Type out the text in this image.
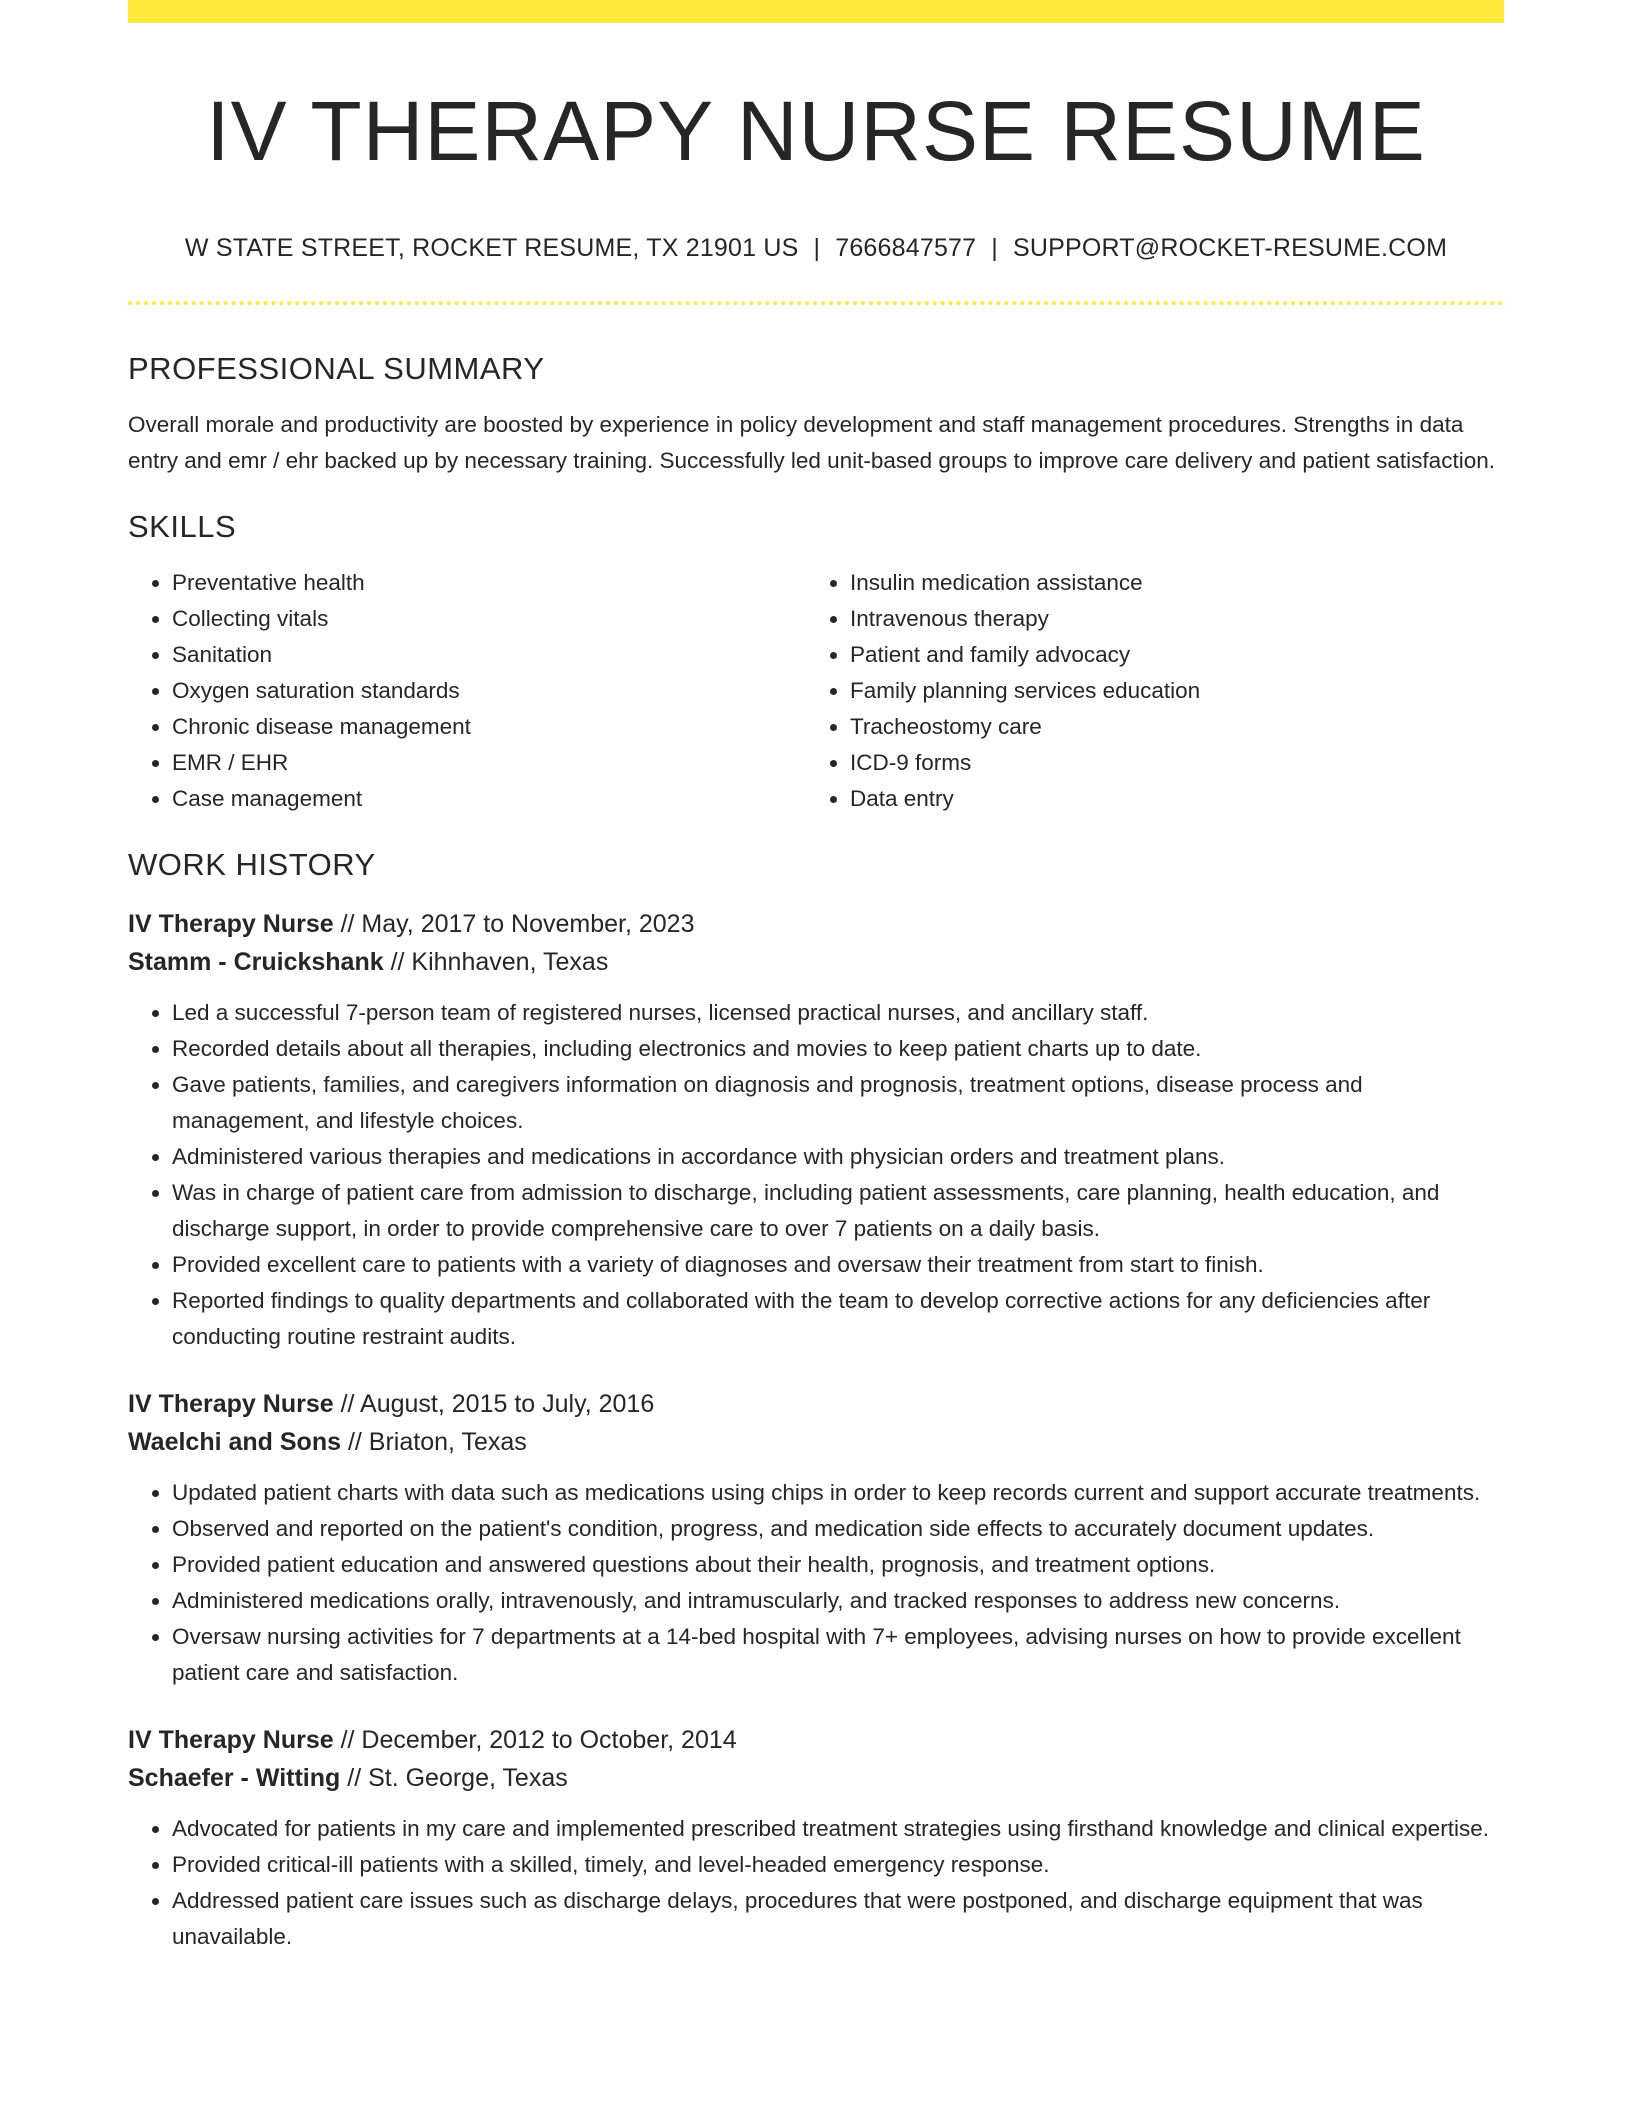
IV THERAPY NURSE RESUME
W STATE STREET, ROCKET RESUME, TX 21901 US | 7666847577 | SUPPORT@ROCKET-RESUME.COM
PROFESSIONAL SUMMARY

Overall morale and productivity are boosted by experience in policy development and staff management procedures. Strengths in data entry and emr / ehr backed up by necessary training. Successfully led unit-based groups to improve care delivery and patient satisfaction.

SKILLS
• Preventative health
• Collecting vitals
• Sanitation
• Oxygen saturation standards
• Chronic disease management
• EMR / EHR
• Case management
• Insulin medication assistance
• Intravenous therapy
• Patient and family advocacy
• Family planning services education
• Tracheostomy care
• ICD-9 forms
• Data entry
WORK HISTORY
IV Therapy Nurse // May, 2017 to November, 2023
Stamm - Cruickshank // Kihnhaven, Texas
• Led a successful 7-person team of registered nurses, licensed practical nurses, and ancillary staff.
• Recorded details about all therapies, including electronics and movies to keep patient charts up to date.
• Gave patients, families, and caregivers information on diagnosis and prognosis, treatment options, disease process and management, and lifestyle choices.
• Administered various therapies and medications in accordance with physician orders and treatment plans.
• Was in charge of patient care from admission to discharge, including patient assessments, care planning, health education, and discharge support, in order to provide comprehensive care to over 7 patients on a daily basis.
• Provided excellent care to patients with a variety of diagnoses and oversaw their treatment from start to finish.
• Reported findings to quality departments and collaborated with the team to develop corrective actions for any deficiencies after conducting routine restraint audits.
IV Therapy Nurse // August, 2015 to July, 2016
Waelchi and Sons // Briaton, Texas
• Updated patient charts with data such as medications using chips in order to keep records current and support accurate treatments.
• Observed and reported on the patient's condition, progress, and medication side effects to accurately document updates.
• Provided patient education and answered questions about their health, prognosis, and treatment options.
• Administered medications orally, intravenously, and intramuscularly, and tracked responses to address new concerns.
• Oversaw nursing activities for 7 departments at a 14-bed hospital with 7+ employees, advising nurses on how to provide excellent patient care and satisfaction.
IV Therapy Nurse // December, 2012 to October, 2014
Schaefer - Witting // St. George, Texas
• Advocated for patients in my care and implemented prescribed treatment strategies using firsthand knowledge and clinical expertise.
• Provided critical-ill patients with a skilled, timely, and level-headed emergency response.
• Addressed patient care issues such as discharge delays, procedures that were postponed, and discharge equipment that was unavailable.
